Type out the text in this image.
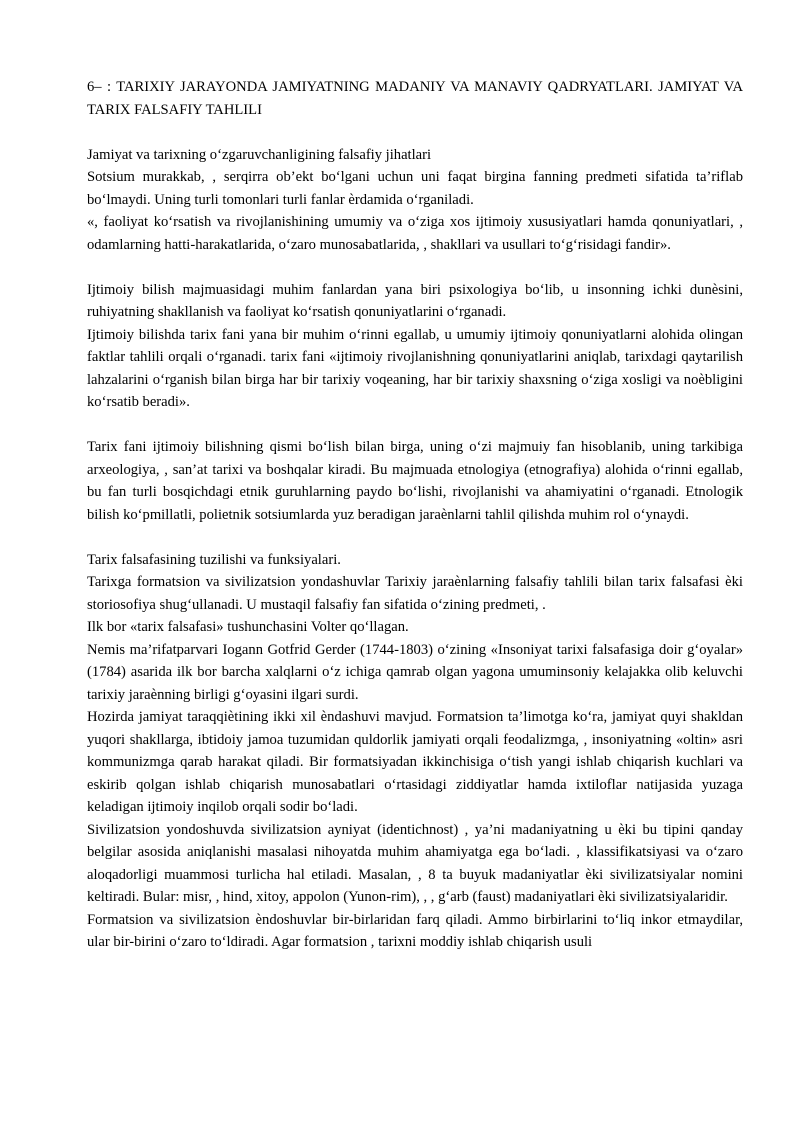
6– : TARIXIY JARAYONDA JAMIYATNING MADANIY VA MANAVIY QADRYATLARI. JAMIYAT VA TARIX FALSAFIY TAHLILI

Jamiyat va tarixning o‘zgaruvchanligining falsafiy jihatlari

Sotsium murakkab, , serqirra ob’ekt bo‘lgani uchun uni faqat birgina fanning predmeti sifatida ta’riflab bo‘lmaydi. Uning turli tomonlari turli fanlar èrdamida o‘rganiladi.

«, faoliyat ko‘rsatish va rivojlanishining umumiy va o‘ziga xos ijtimoiy xususiyatlari hamda qonuniyatlari, , odamlarning hatti-harakatlarida, o‘zaro munosabatlarida, , shakllari va usullari to‘g‘risidagi fandir».

Ijtimoiy bilish majmuasidagi muhim fanlardan yana biri psixologiya bo‘lib, u insonning ichki dunèsini, ruhiyatning shakllanish va faoliyat ko‘rsatish qonuniyatlarini o‘rganadi.

Ijtimoiy bilishda tarix fani yana bir muhim o‘rinni egallab, u umumiy ijtimoiy qonuniyatlarni alohida olingan faktlar tahlili orqali o‘rganadi. tarix fani «ijtimoiy rivojlanishning qonuniyatlarini aniqlab, tarixdagi qaytarilish lahzalarini o‘rganish bilan birga har bir tarixiy voqeaning, har bir tarixiy shaxsning o‘ziga xosligi va noèbligini ko‘rsatib beradi».

Tarix fani ijtimoiy bilishning qismi bo‘lish bilan birga, uning o‘zi majmuiy fan hisoblanib, uning tarkibiga arxeologiya, , san’at tarixi va boshqalar kiradi. Bu majmuada etnologiya (etnografiya) alohida o‘rinni egallab, bu fan turli bosqichdagi etnik guruhlarning paydo bo‘lishi, rivojlanishi va ahamiyatini o‘rganadi. Etnologik bilish ko‘pmillatli, polietnik sotsiumlarda yuz beradigan jaraènlarni tahlil qilishda muhim rol o‘ynaydi.

Tarix falsafasining tuzilishi va funksiyalari.

Tarixga formatsion va sivilizatsion yondashuvlar Tarixiy jaraènlarning falsafiy tahlili bilan tarix falsafasi èki storiosofiya shug‘ullanadi. U mustaqil falsafiy fan sifatida o‘zining predmeti, .

Ilk bor «tarix falsafasi» tushunchasini Volter qo‘llagan.

Nemis ma’rifatparvari Iogann Gotfrid Gerder (1744-1803) o‘zining «Insoniyat tarixi falsafasiga doir g‘oyalar» (1784) asarida ilk bor barcha xalqlarni o‘z ichiga qamrab olgan yagona umuminsoniy kelajakka olib keluvchi tarixiy jaraènning birligi g‘oyasini ilgari surdi.

Hozirda jamiyat taraqqiètining ikki xil èndashuvi mavjud. Formatsion ta’limotga ko‘ra, jamiyat quyi shakldan yuqori shakllarga, ibtidoiy jamoa tuzumidan quldorlik jamiyati orqali feodalizmga, , insoniyatning «oltin» asri kommunizmga qarab harakat qiladi. Bir formatsiyadan ikkinchisiga o‘tish yangi ishlab chiqarish kuchlari va eskirib qolgan ishlab chiqarish munosabatlari o‘rtasidagi ziddiyatlar hamda ixtiloflar natijasida yuzaga keladigan ijtimoiy inqilob orqali sodir bo‘ladi.

Sivilizatsion yondoshuvda sivilizatsion ayniyat (identichnost) , ya’ni madaniyatning u èki bu tipini qanday belgilar asosida aniqlanishi masalasi nihoyatda muhim ahamiyatga ega bo‘ladi. , klassifikatsiyasi va o‘zaro aloqadorligi muammosi turlicha hal etiladi. Masalan, , 8 ta buyuk madaniyatlar èki sivilizatsiyalar nomini keltiradi. Bular: misr, , hind, xitoy, appolon (Yunon-rim), , , g‘arb (faust) madaniyatlari èki sivilizatsiyalaridir.

Formatsion va sivilizatsion èndoshuvlar bir-birlaridan farq qiladi. Ammo birbirlarini to‘liq inkor etmaydilar, ular bir-birini o‘zaro to‘ldiradi. Agar formatsion , tarixni moddiy ishlab chiqarish usuli
